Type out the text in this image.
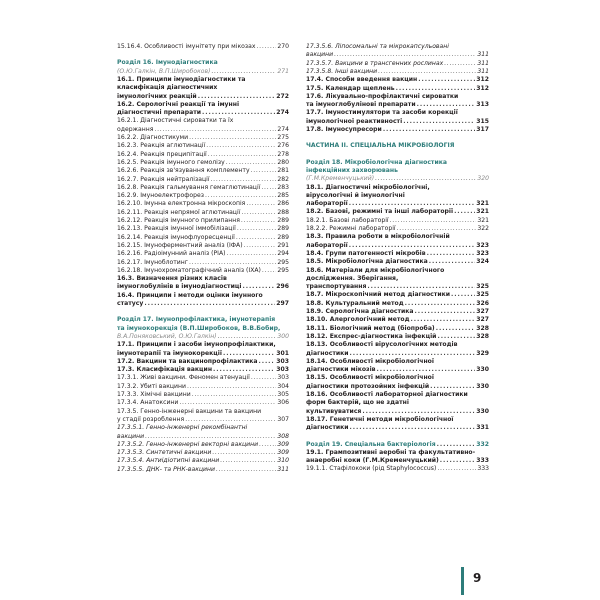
15.16.4. Особливості імунітету при мікозах . . .	270
Розділ 16. Імунодіагностика
(О.Ю.Галкін, В.П.Широбоков) . . .	271
16.1. Принципи імунодіагностики та
класифікація діагностичних
імунологічних реакцій . . .	272
16.2. Серологічні реакції та імунні
діагностичні препарати . . .	274
16.2.1. Діагностичні сироватки та їх
одержання . . .	274
16.2.2. Діагностикуми . . .	275
16.2.3. Реакція аглютинації . . .	276
16.2.4. Реакція преципітації . . .	278
16.2.5. Реакція імунного гемолізу . . .	280
16.2.6. Реакція зв'язування комплементу . . .	281
16.2.7. Реакція нейтралізації . . .	282
16.2.8. Реакція гальмування гемаглютинації . . .	283
16.2.9. Імуноелектрофорез . . .	285
16.2.10. Імунна електронна мікроскопія . . .	286
16.2.11. Реакція непрямої аглютинації . . .	288
16.2.12. Реакція імунного прилипання . . .	289
16.2.13. Реакція імунної іммобілізації . . .	289
16.2.14. Реакція імунофлуоресценції . . .	289
16.2.15. Імуноферментний аналіз (ІФА) . . .	291
16.2.16. Радіоімунний аналіз (РІА) . . .	294
16.2.17. Імуноблотинг . . .	295
16.2.18. Імунохроматографічний аналіз (ІХА) . . .	295
16.3. Визначення різних класів
імуноглобулінів в імунодіагностиці . . .	296
16.4. Принципи і методи оцінки імунного
статусу . . .	297
Розділ 17. Імунопрофілактика, імунотерапія
та імунокорекція (В.П.Широбоков, В.В.Бобир,
В.А.Поняковський, О.Ю.Галкін) . . .	300
17.1. Принципи і засоби імунопрофілактики,
імунотерапії та імунокорекції . . .	301
17.2. Вакцини та вакцинопрофілактика . . .	303
17.3. Класифікація вакцин . . .	303
17.3.1. Живі вакцини. Феномен атенуації . . .	303
17.3.2. Убиті вакцини . . .	304
17.3.3. Хімічні вакцини . . .	305
17.3.4. Анатоксини . . .	306
17.3.5. Генно-інженерні вакцини та вакцини
у стадії розроблення . . .	307
17.3.5.1. Генно-інженерні рекомбінантні
вакцини . . .	308
17.3.5.2. Генно-інженерні векторні вакцини . . .	309
17.3.5.3. Синтетичні вакцини . . .	309
17.3.5.4. Антиідіотипні вакцини . . .	310
17.3.5.5. ДНК- та РНК-вакцини . . .	311
17.3.5.6. Ліпосомальні та мікрокапсульовані
вакцини . . .	311
17.3.5.7. Вакцини в трансгенних рослинах . . .	311
17.3.5.8. Інші вакцини . . .	311
17.4. Способи введення вакцин . . .	312
17.5. Календар щеплень . . .	312
17.6. Лікувально-профілактичні сироватки
та імуноглобулінові препарати . . .	313
17.7. Імуностимулятори та засоби корекції
імунологічної реактивності . . .	315
17.8. Імуносупресори . . .	317
ЧАСТИНА II. СПЕЦІАЛЬНА МІКРОБІОЛОГІЯ
Розділ 18. Мікробіологічна діагностика
інфекційних захворювань
(Г.М.Кременчуцький) . . .	320
18.1. Діагностичні мікробіологічні,
вірусологічні й імунологічні
лабораторії . . .	321
18.2. Базові, режимні та інші лабораторії . . .	321
18.2.1. Базові лабораторії . . .	321
18.2.2. Режимні лабораторії . . .	322
18.3. Правила роботи в мікробіологічній
лабораторії . . .	323
18.4. Групи патогенності мікробів . . .	323
18.5. Мікробіологічна діагностика . . .	324
18.6. Матеріали для мікробіологічного
дослідження. Зберігання,
транспортування . . .	325
18.7. Мікроскопічний метод діагностики . . .	325
18.8. Культуральний метод . . .	326
18.9. Серологічна діагностика . . .	327
18.10. Алергологічний метод . . .	327
18.11. Біологічний метод (біопроба) . . .	328
18.12. Експрес-діагностика інфекцій . . .	328
18.13. Особливості вірусологічних методів
діагностики . . .	329
18.14. Особливості мікробіологічної
діагностики мікозів . . .	330
18.15. Особливості мікробіологічної
діагностики протозойних інфекцій . . .	330
18.16. Особливості лабораторної діагностики
форм бактерій, що не здатні
культивуватися . . .	330
18.17. Генетичні методи мікробіологічної
діагностики . . .	331
Розділ 19. Спеціальна бактеріологія . . .	332
19.1. Грампозитивні аеробні та факультативно-
анаеробні коки (Г.М.Кременчуцький) . . .	333
19.1.1. Стафілококи (рід Staphylococcus) . . .	333
9
